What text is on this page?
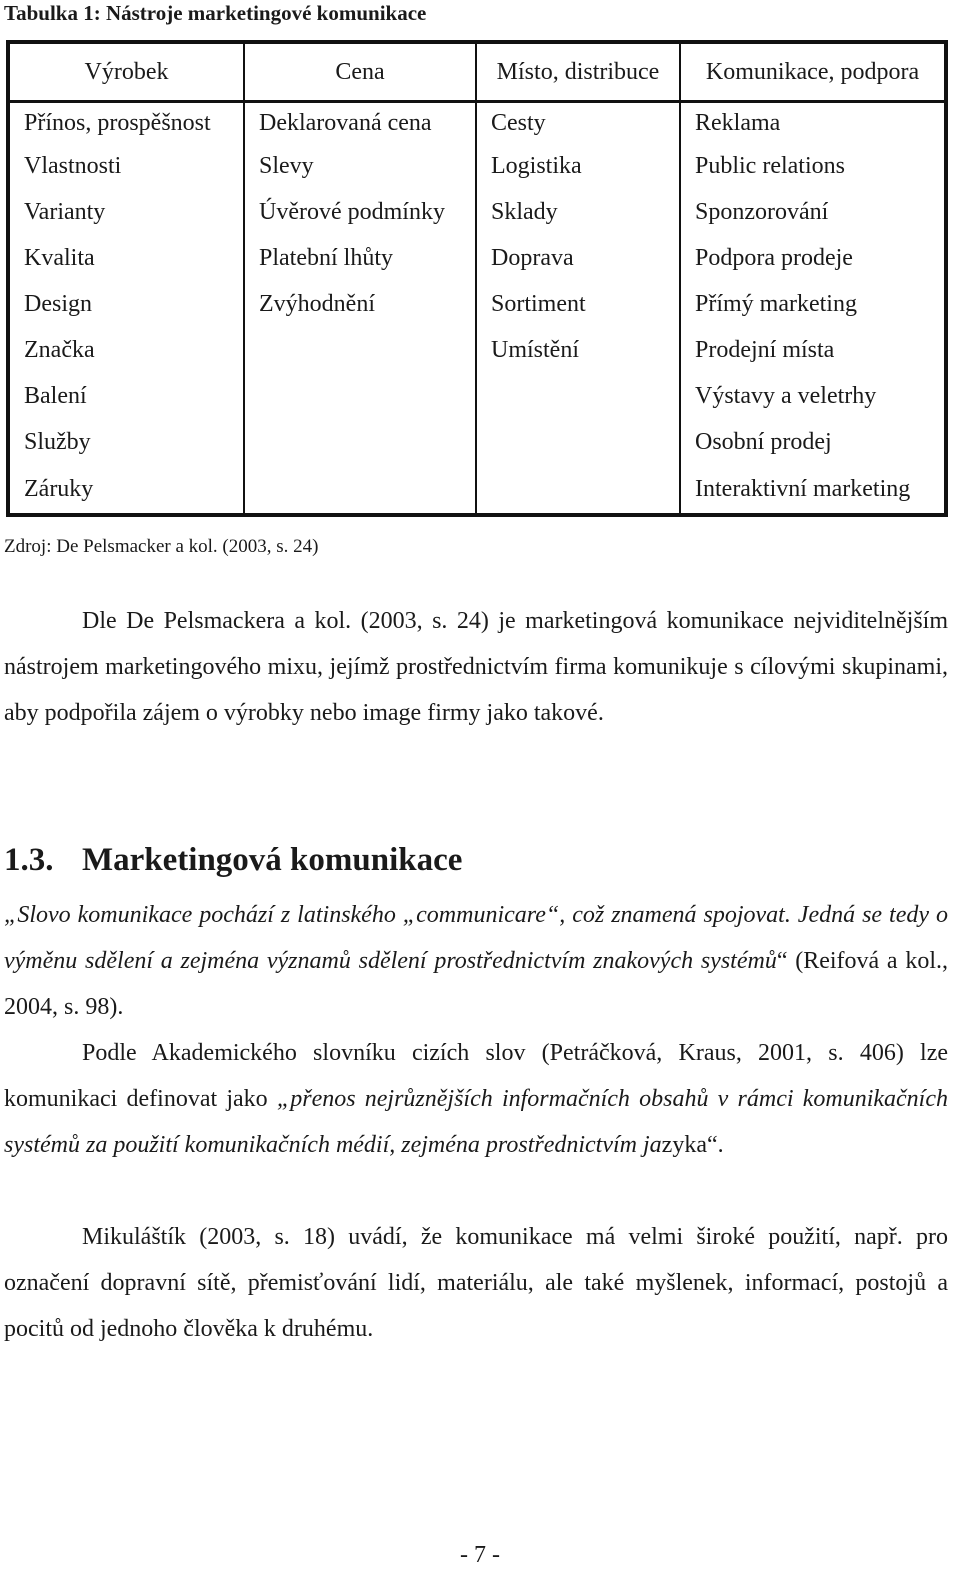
Tabulka 1: Nástroje marketingové komunikace
Výrobek	Cena	Místo, distribuce	Komunikace, podpora
Přínos, prospěšnost	Deklarovaná cena	Cesty	Reklama
Vlastnosti	Slevy	Logistika	Public relations
Varianty	Úvěrové podmínky	Sklady	Sponzorování
Kvalita	Platební lhůty	Doprava	Podpora prodeje
Design	Zvýhodnění	Sortiment	Přímý marketing
Značka		Umístění	Prodejní místa
Balení			Výstavy a veletrhy
Služby			Osobní prodej
Záruky			Interaktivní marketing
Zdroj: De Pelsmacker a kol. (2003, s. 24)

Dle De Pelsmackera a kol. (2003, s. 24) je marketingová komunikace nejviditelnějším nástrojem marketingového mixu, jejímž prostřednictvím firma komunikuje s cílovými skupinami, aby podpořila zájem o výrobky nebo image firmy jako takové.

1.3. Marketingová komunikace

„Slovo komunikace pochází z latinského „communicare“, což znamená spojovat. Jedná se tedy o výměnu sdělení a zejména významů sdělení prostřednictvím znakových systémů“ (Reifová a kol., 2004, s. 98).

Podle Akademického slovníku cizích slov (Petráčková, Kraus, 2001, s. 406) lze komunikaci definovat jako „přenos nejrůznějších informačních obsahů v rámci komunikačních systémů za použití komunikačních médií, zejména prostřednictvím jazyka“.

Mikuláštík (2003, s. 18) uvádí, že komunikace má velmi široké použití, např. pro označení dopravní sítě, přemisťování lidí, materiálu, ale také myšlenek, informací, postojů a pocitů od jednoho člověka k druhému.

- 7 -
